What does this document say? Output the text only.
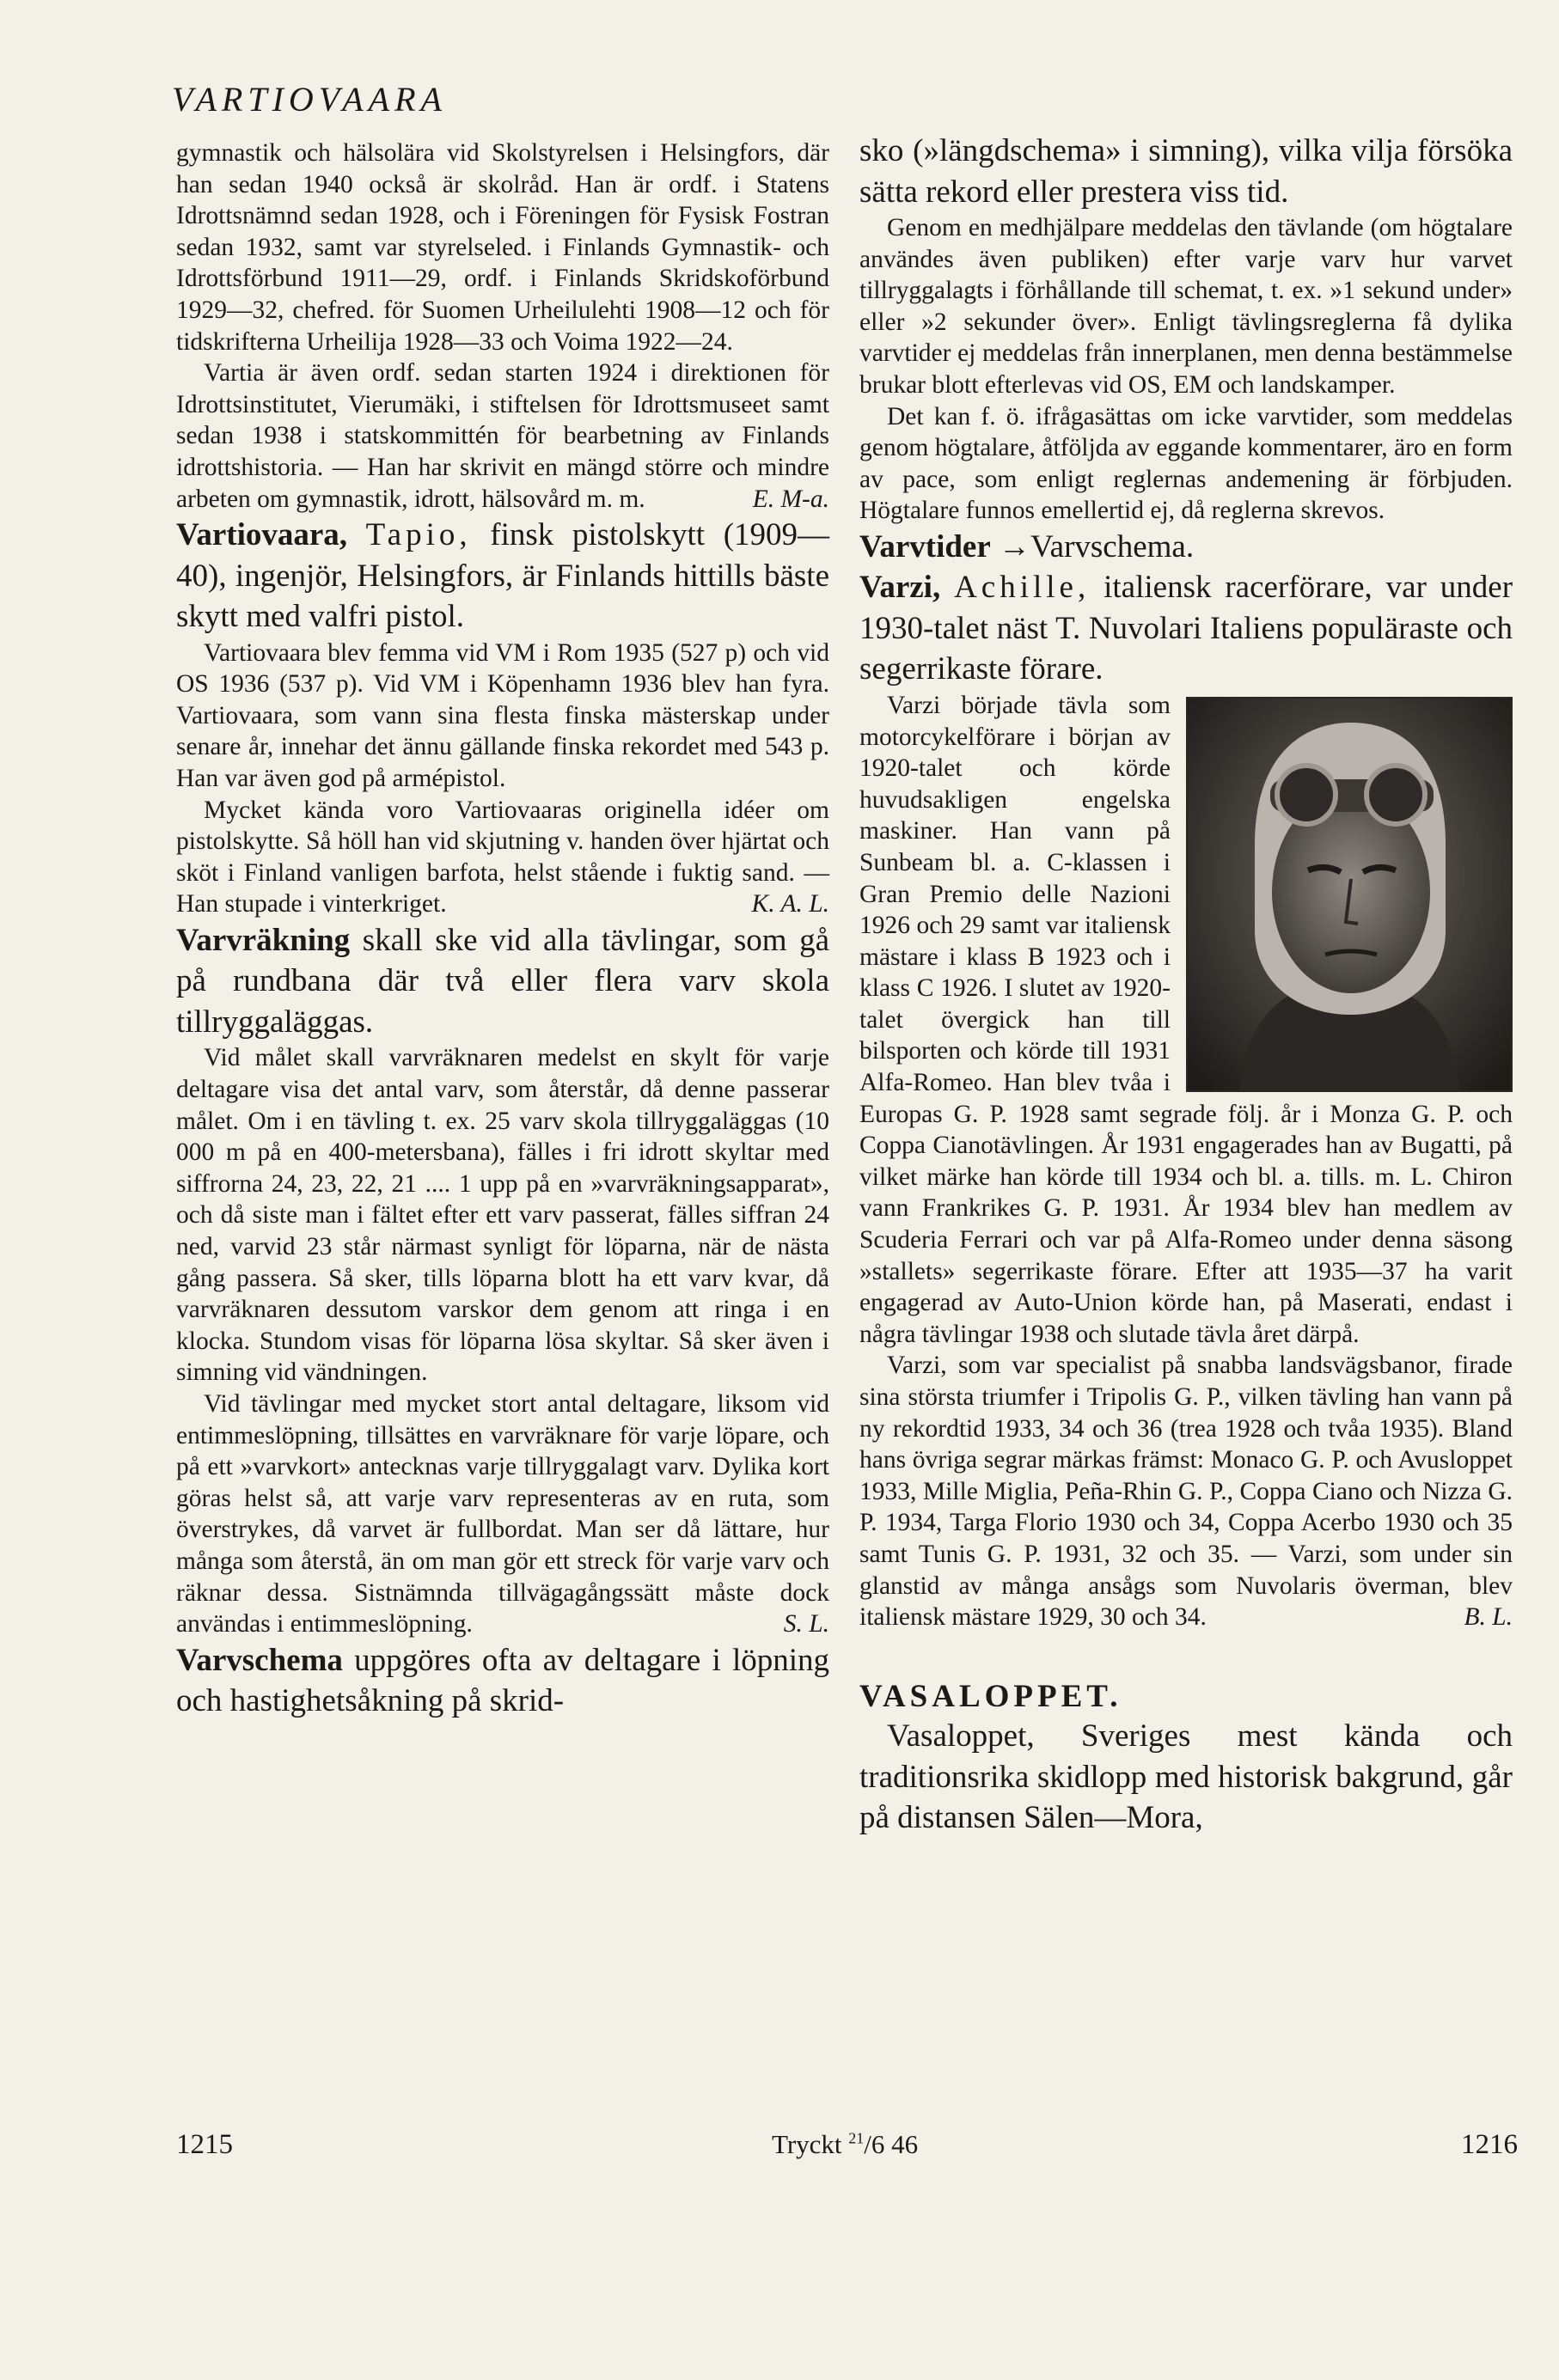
VARTIOVAARA

gymnastik och hälsolära vid Skolstyrelsen i Helsingfors, där han sedan 1940 också är skolråd. Han är ordf. i Statens Idrottsnämnd sedan 1928, och i Föreningen för Fysisk Fostran sedan 1932, samt var styrelseled. i Finlands Gymnastik- och Idrottsförbund 1911—29, ordf. i Finlands Skridskoförbund 1929—32, chefred. för Suomen Urheilulehti 1908—12 och för tidskrifterna Urheilija 1928—33 och Voima 1922—24.

Vartia är även ordf. sedan starten 1924 i direktionen för Idrottsinstitutet, Vierumäki, i stiftelsen för Idrottsmuseet samt sedan 1938 i statskommittén för bearbetning av Finlands idrottshistoria. — Han har skrivit en mängd större och mindre arbeten om gymnastik, idrott, hälsovård m. m.	E. M-a.

Vartiovaara, Tapio, finsk pistolskytt (1909—40), ingenjör, Helsingfors, är Finlands hittills bäste skytt med valfri pistol.

Vartiovaara blev femma vid VM i Rom 1935 (527 p) och vid OS 1936 (537 p). Vid VM i Köpenhamn 1936 blev han fyra. Vartiovaara, som vann sina flesta finska mästerskap under senare år, innehar det ännu gällande finska rekordet med 543 p. Han var även god på armépistol.

Mycket kända voro Vartiovaaras originella idéer om pistolskytte. Så höll han vid skjutning v. handen över hjärtat och sköt i Finland vanligen barfota, helst stående i fuktig sand. — Han stupade i vinterkriget.	K. A. L.

Varvräkning skall ske vid alla tävlingar, som gå på rundbana där två eller flera varv skola tillryggaläggas.

Vid målet skall varvräknaren medelst en skylt för varje deltagare visa det antal varv, som återstår, då denne passerar målet. Om i en tävling t. ex. 25 varv skola tillryggaläggas (10 000 m på en 400-metersbana), fälles i fri idrott skyltar med siffrorna 24, 23, 22, 21 .... 1 upp på en »varvräkningsapparat», och då siste man i fältet efter ett varv passerat, fälles siffran 24 ned, varvid 23 står närmast synligt för löparna, när de nästa gång passera. Så sker, tills löparna blott ha ett varv kvar, då varvräknaren dessutom varskor dem genom att ringa i en klocka. Stundom visas för löparna lösa skyltar. Så sker även i simning vid vändningen.

Vid tävlingar med mycket stort antal deltagare, liksom vid entimmeslöpning, tillsättes en varvräknare för varje löpare, och på ett »varvkort» antecknas varje tillryggalagt varv. Dylika kort göras helst så, att varje varv representeras av en ruta, som överstrykes, då varvet är fullbordat. Man ser då lättare, hur många som återstå, än om man gör ett streck för varje varv och räknar dessa. Sistnämnda tillvägagångssätt måste dock användas i entimmeslöpning.	S. L.

Varvschema uppgöres ofta av deltagare i löpning och hastighetsåkning på skrid-

sko (»längdschema» i simning), vilka vilja försöka sätta rekord eller prestera viss tid.

Genom en medhjälpare meddelas den tävlande (om högtalare användes även publiken) efter varje varv hur varvet tillryggalagts i förhållande till schemat, t. ex. »1 sekund under» eller »2 sekunder över». Enligt tävlingsreglerna få dylika varvtider ej meddelas från innerplanen, men denna bestämmelse brukar blott efterlevas vid OS, EM och landskamper.

Det kan f. ö. ifrågasättas om icke varvtider, som meddelas genom högtalare, åtföljda av eggande kommentarer, äro en form av pace, som enligt reglernas andemening är förbjuden. Högtalare funnos emellertid ej, då reglerna skrevos.

Varvtider →Varvschema.

Varzi, Achille, italiensk racerförare, var under 1930-talet näst T. Nuvolari Italiens populäraste och segerrikaste förare.

Varzi började tävla som motorcykelförare i början av 1920-talet och körde huvudsakligen engelska maskiner. Han vann på Sunbeam bl. a. C-klassen i Gran Premio delle Nazioni 1926 och 29 samt var italiensk mästare i klass B 1923 och i klass C 1926. I slutet av 1920-talet övergick han till bilsporten och körde till 1931 Alfa-Romeo. Han blev tvåa i Europas G. P. 1928 samt segrade följ. år i Monza G. P. och Coppa Cianotävlingen. År 1931 engagerades han av Bugatti, på vilket märke han körde till 1934 och bl. a. tills. m. L. Chiron vann Frankrikes G. P. 1931. År 1934 blev han medlem av Scuderia Ferrari och var på Alfa-Romeo under denna säsong »stallets» segerrikaste förare. Efter att 1935—37 ha varit engagerad av Auto-Union körde han, på Maserati, endast i några tävlingar 1938 och slutade tävla året därpå.

Varzi, som var specialist på snabba landsvägsbanor, firade sina största triumfer i Tripolis G. P., vilken tävling han vann på ny rekordtid 1933, 34 och 36 (trea 1928 och tvåa 1935). Bland hans övriga segrar märkas främst: Monaco G. P. och Avusloppet 1933, Mille Miglia, Peña-Rhin G. P., Coppa Ciano och Nizza G. P. 1934, Targa Florio 1930 och 34, Coppa Acerbo 1930 och 35 samt Tunis G. P. 1931, 32 och 35. — Varzi, som under sin glanstid av många ansågs som Nuvolaris överman, blev italiensk mästare 1929, 30 och 34.	B. L.

VASALOPPET.

Vasaloppet, Sveriges mest kända och traditionsrika skidlopp med historisk bakgrund, går på distansen Sälen—Mora,

1215	Tryckt $^{21}$/6 46	1216
